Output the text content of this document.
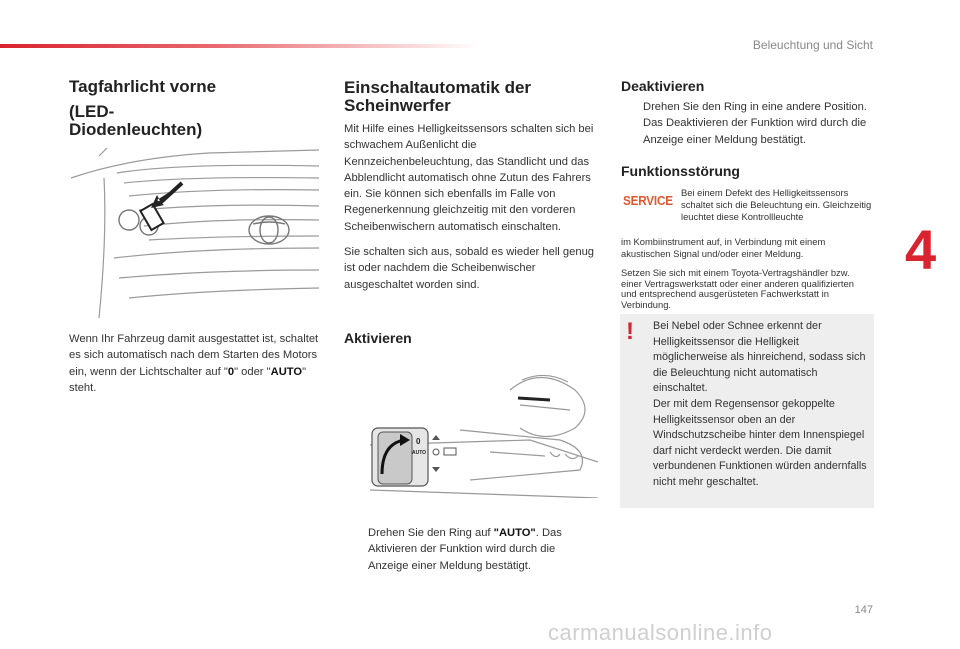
Beleuchtung und Sicht
4
147
Tagfahrlicht vorne
(LED-
Diodenleuchten)
Wenn Ihr Fahrzeug damit ausgestattet ist, schaltet es sich automatisch nach dem Starten des Motors ein, wenn der Lichtschalter auf "0" oder "AUTO" steht.
Einschaltautomatik der
Scheinwerfer
Mit Hilfe eines Helligkeitssensors schalten sich bei schwachem Außenlicht die Kennzeichenbeleuchtung, das Standlicht und das Abblendlicht automatisch ohne Zutun des Fahrers ein. Sie können sich ebenfalls im Falle von Regenerkennung gleichzeitig mit den vorderen Scheibenwischern automatisch einschalten.
Sie schalten sich aus, sobald es wieder hell genug ist oder nachdem die Scheibenwischer ausgeschaltet worden sind.
Aktivieren
0
AUTO
Drehen Sie den Ring auf "AUTO". Das Aktivieren der Funktion wird durch die Anzeige einer Meldung bestätigt.
Deaktivieren
Drehen Sie den Ring in eine andere Position. Das Deaktivieren der Funktion wird durch die Anzeige einer Meldung bestätigt.
Funktionsstörung
SERVICE
Bei einem Defekt des Helligkeitssensors schaltet sich die Beleuchtung ein. Gleichzeitig leuchtet diese Kontrollleuchte
im Kombiinstrument auf, in Verbindung mit einem akustischen Signal und/oder einer Meldung.
Setzen Sie sich mit einem Toyota-Vertragshändler bzw. einer Vertragswerkstatt oder einer anderen qualifizierten und entsprechend ausgerüsteten Fachwerkstatt in Verbindung.
! Bei Nebel oder Schnee erkennt der Helligkeitssensor die Helligkeit möglicherweise als hinreichend, sodass sich die Beleuchtung nicht automatisch einschaltet.
Der mit dem Regensensor gekoppelte Helligkeitssensor oben an der Windschutzscheibe hinter dem Innenspiegel darf nicht verdeckt werden. Die damit verbundenen Funktionen würden andernfalls nicht mehr geschaltet.
carmanualsonline.info
